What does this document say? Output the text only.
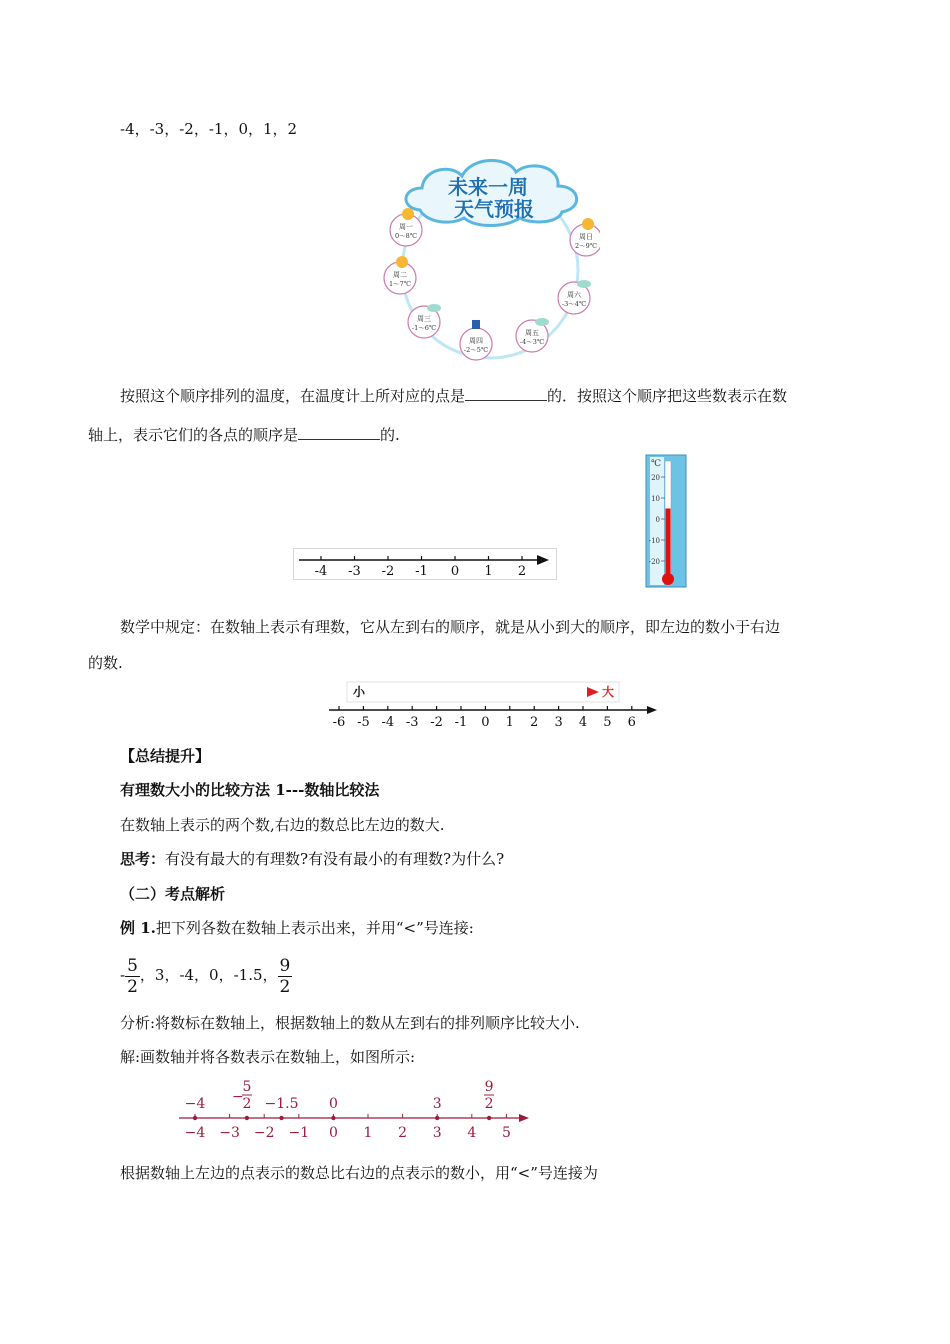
-4，-3，-2，-1，0，1，2
未来一周
天气预报
周一
0～8℃
周二
1～7℃
周三
-1～6℃
周四
-2～5℃
周五
-4～3℃
周六
-3～4℃
周日
2～9℃
按照这个顺序排列的温度，在温度计上所对应的点是	的．按照这个顺序把这些数表示在数
轴上，表示它们的各点的顺序是	的.
-4 -3 -2 -1 0 1 2
℃
20
10
0
-10
-20
数学中规定：在数轴上表示有理数，它从左到右的顺序，就是从小到大的顺序，即左边的数小于右边
的数.
小	大
-6 -5 -4 -3 -2 -1 0 1 2 3 4 5 6
【总结提升】
有理数大小的比较方法 1---数轴比较法
在数轴上表示的两个数,右边的数总比左边的数大.
思考：有没有最大的有理数?有没有最小的有理数?为什么?
（二）考点解析
例 1.把下列各数在数轴上表示出来，并用“<”号连接:
- $\frac{5}{2}$ ，3，-4，0，-1.5， $\frac{9}{2}$
分析:将数标在数轴上，根据数轴上的数从左到右的排列顺序比较大小.
解:画数轴并将各数表示在数轴上，如图所示:
−4 −3 −2 −1 0 1 2 3 4 5
−4 −
5
2 −1.5 0	3
9
2
根据数轴上左边的点表示的数总比右边的点表示的数小，用“<”号连接为
